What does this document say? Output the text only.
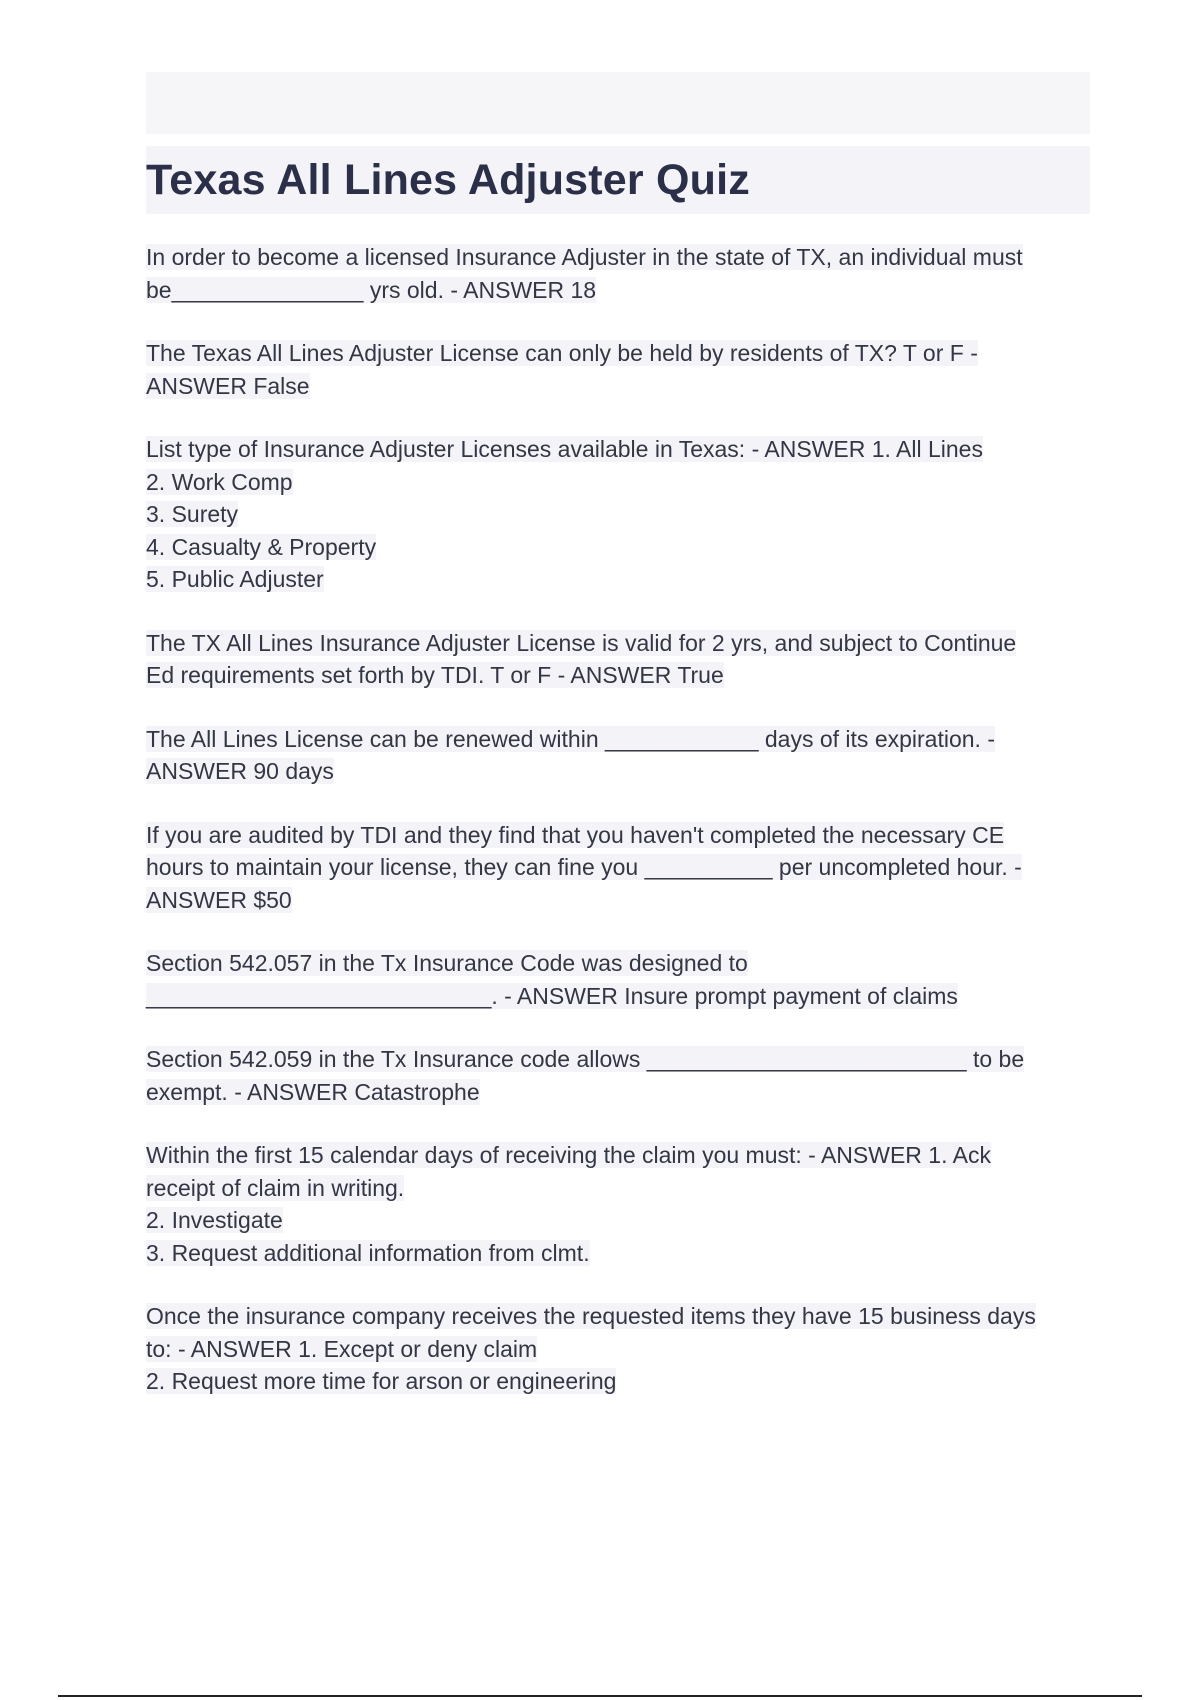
Texas All Lines Adjuster Quiz

In order to become a licensed Insurance Adjuster in the state of TX, an individual must
be_______________ yrs old. - ANSWER 18

The Texas All Lines Adjuster License can only be held by residents of TX? T or F -
ANSWER False

List type of Insurance Adjuster Licenses available in Texas: - ANSWER 1. All Lines
2. Work Comp
3. Surety
4. Casualty & Property
5. Public Adjuster

The TX All Lines Insurance Adjuster License is valid for 2 yrs, and subject to Continue
Ed requirements set forth by TDI. T or F - ANSWER True

The All Lines License can be renewed within ____________ days of its expiration. -
ANSWER 90 days

If you are audited by TDI and they find that you haven't completed the necessary CE
hours to maintain your license, they can fine you __________ per uncompleted hour. -
ANSWER $50

Section 542.057 in the Tx Insurance Code was designed to
___________________________. - ANSWER Insure prompt payment of claims

Section 542.059 in the Tx Insurance code allows _________________________ to be
exempt. - ANSWER Catastrophe

Within the first 15 calendar days of receiving the claim you must: - ANSWER 1. Ack
receipt of claim in writing.
2. Investigate
3. Request additional information from clmt.

Once the insurance company receives the requested items they have 15 business days
to: - ANSWER 1. Except or deny claim
2. Request more time for arson or engineering
